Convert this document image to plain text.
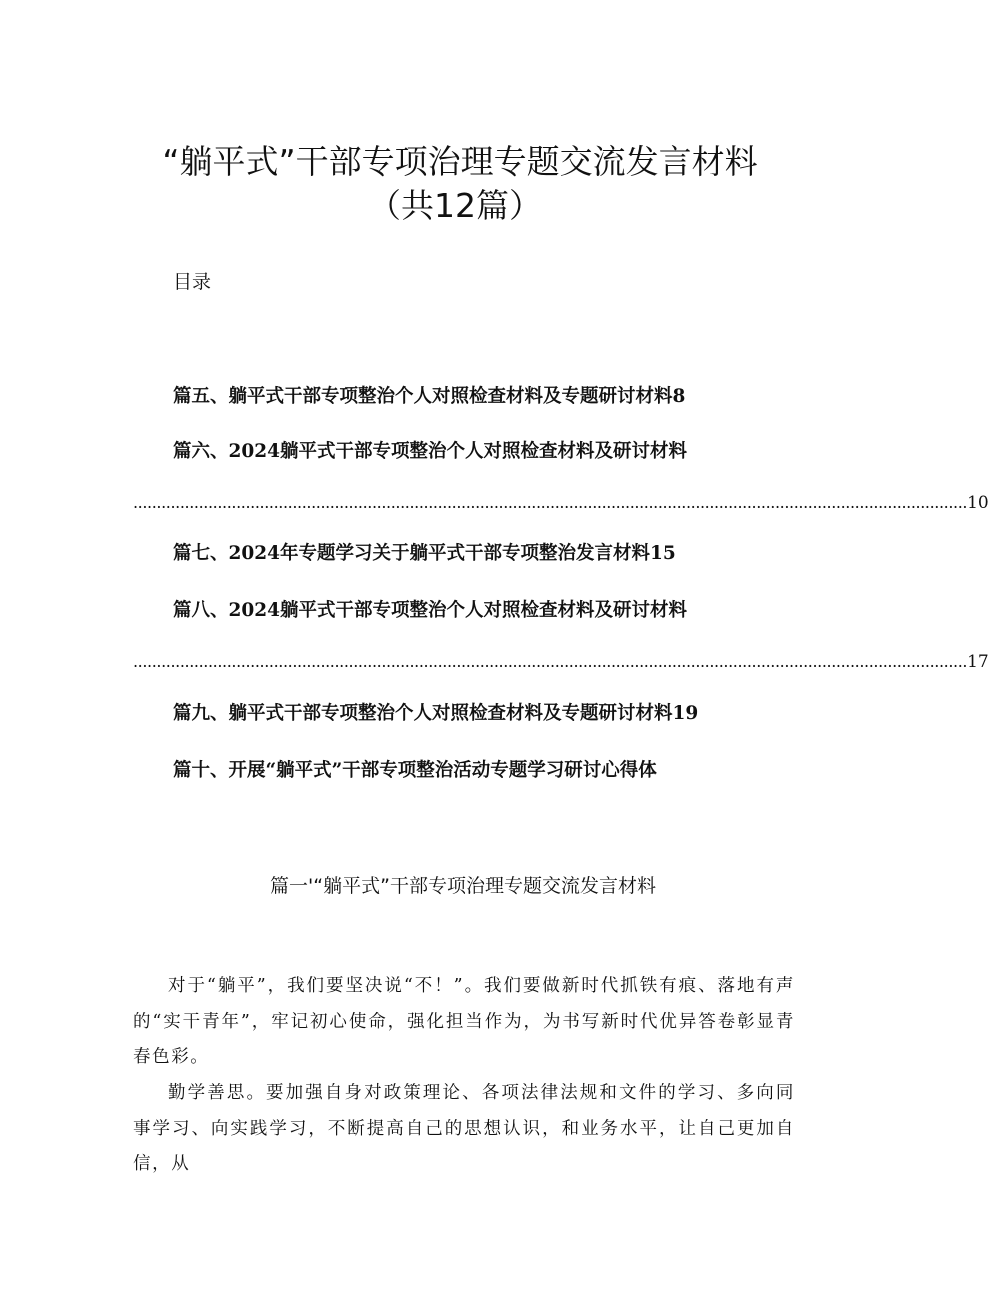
“躺平式”干部专项治理专题交流发言材料
（共12篇）
目录
篇五、躺平式干部专项整治个人对照检查材料及专题研讨材料8
篇六、2024躺平式干部专项整治个人对照检查材料及研讨材料
.................................................................................................................................................................................. 10
篇七、2024年专题学习关于躺平式干部专项整治发言材料15
篇八、2024躺平式干部专项整治个人对照检查材料及研讨材料
.................................................................................................................................................................................. 17
篇九、躺平式干部专项整治个人对照检查材料及专题研讨材料19
篇十、开展“躺平式”干部专项整治活动专题学习研讨心得体
篇一'“躺平式”干部专项治理专题交流发言材料

对于“躺平”，我们要坚决说“不！”。我们要做新时代抓铁有痕、落地有声的“实干青年”，牢记初心使命，强化担当作为，为书写新时代优异答卷彰显青春色彩。

勤学善思。要加强自身对政策理论、各项法律法规和文件的学习、多向同事学习、向实践学习，不断提高自己的思想认识，和业务水平，让自己更加自信，从
